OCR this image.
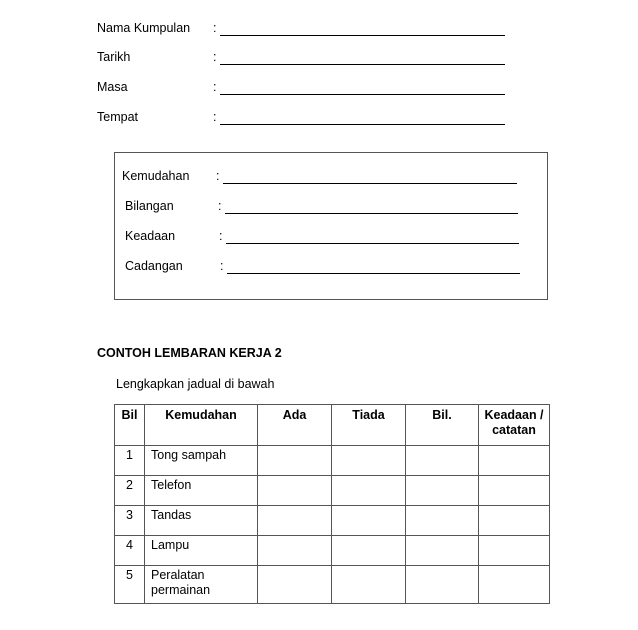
Nama Kumpulan :
Tarikh	:
Masa	:
Tempat	:
Kemudahan :
Bilangan	:
Keadaan	:
Cadangan	:
CONTOH LEMBARAN KERJA 2
Lengkapkan jadual di bawah
Bil	Kemudahan	Ada	Tiada	Bil.	Keadaan / catatan
1	Tong sampah				
2	Telefon				
3	Tandas				
4	Lampu				
5	Peralatan permainan				
